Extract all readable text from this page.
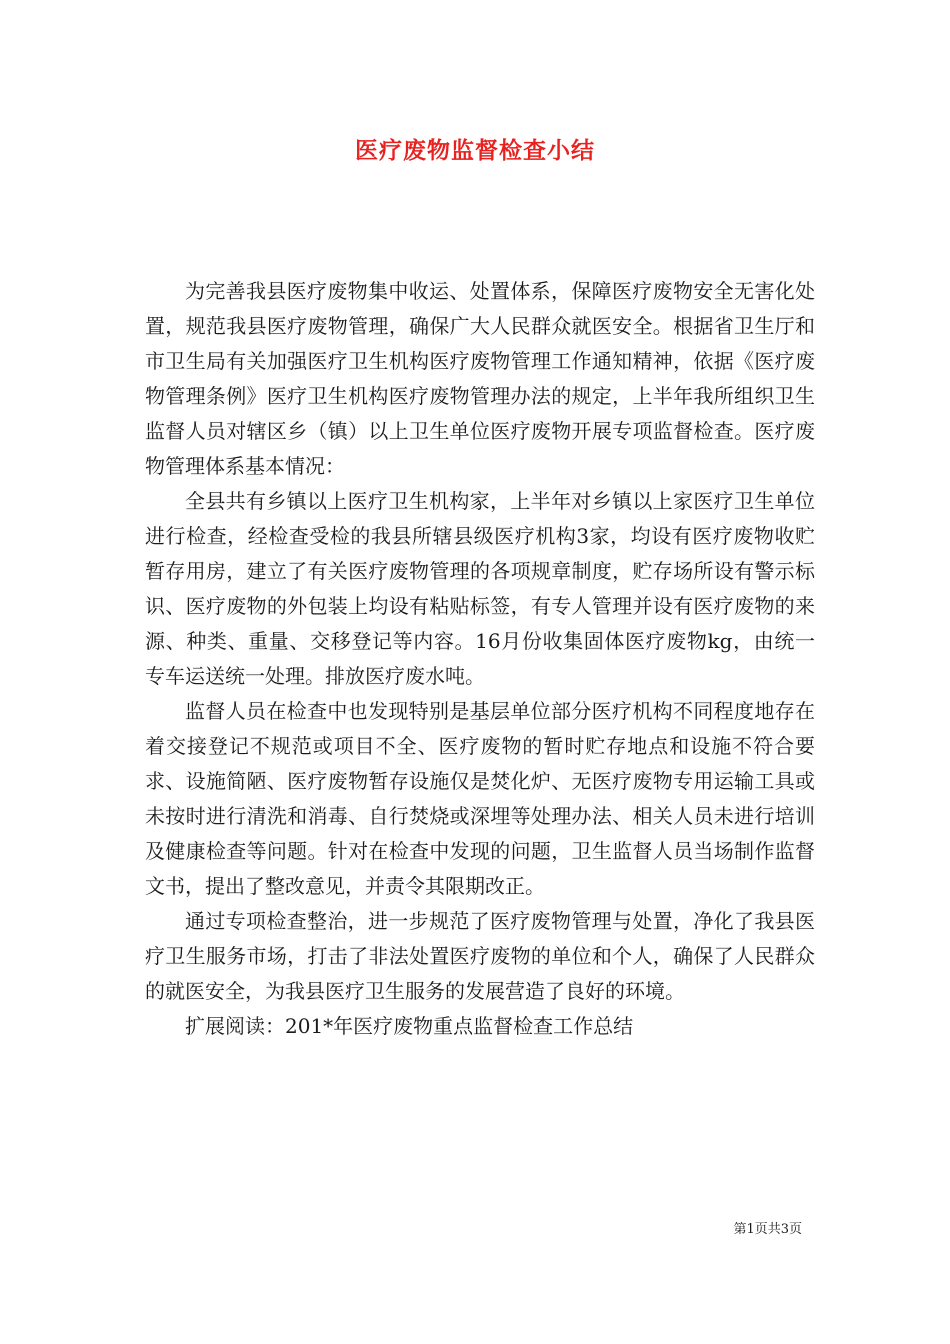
医疗废物监督检查小结

为完善我县医疗废物集中收运、处置体系，保障医疗废物安全无害化处置，规范我县医疗废物管理，确保广大人民群众就医安全。根据省卫生厅和市卫生局有关加强医疗卫生机构医疗废物管理工作通知精神，依据《医疗废物管理条例》医疗卫生机构医疗废物管理办法的规定，上半年我所组织卫生监督人员对辖区乡（镇）以上卫生单位医疗废物开展专项监督检查。医疗废物管理体系基本情况：

全县共有乡镇以上医疗卫生机构家，上半年对乡镇以上家医疗卫生单位进行检查，经检查受检的我县所辖县级医疗机构3家，均设有医疗废物收贮暂存用房，建立了有关医疗废物管理的各项规章制度，贮存场所设有警示标识、医疗废物的外包装上均设有粘贴标签，有专人管理并设有医疗废物的来源、种类、重量、交移登记等内容。16月份收集固体医疗废物kg，由统一专车运送统一处理。排放医疗废水吨。

监督人员在检查中也发现特别是基层单位部分医疗机构不同程度地存在着交接登记不规范或项目不全、医疗废物的暂时贮存地点和设施不符合要求、设施简陋、医疗废物暂存设施仅是焚化炉、无医疗废物专用运输工具或未按时进行清洗和消毒、自行焚烧或深埋等处理办法、相关人员未进行培训及健康检查等问题。针对在检查中发现的问题，卫生监督人员当场制作监督文书，提出了整改意见，并责令其限期改正。

通过专项检查整治，进一步规范了医疗废物管理与处置，净化了我县医疗卫生服务市场，打击了非法处置医疗废物的单位和个人，确保了人民群众的就医安全，为我县医疗卫生服务的发展营造了良好的环境。

扩展阅读：201*年医疗废物重点监督检查工作总结

第1页共3页
